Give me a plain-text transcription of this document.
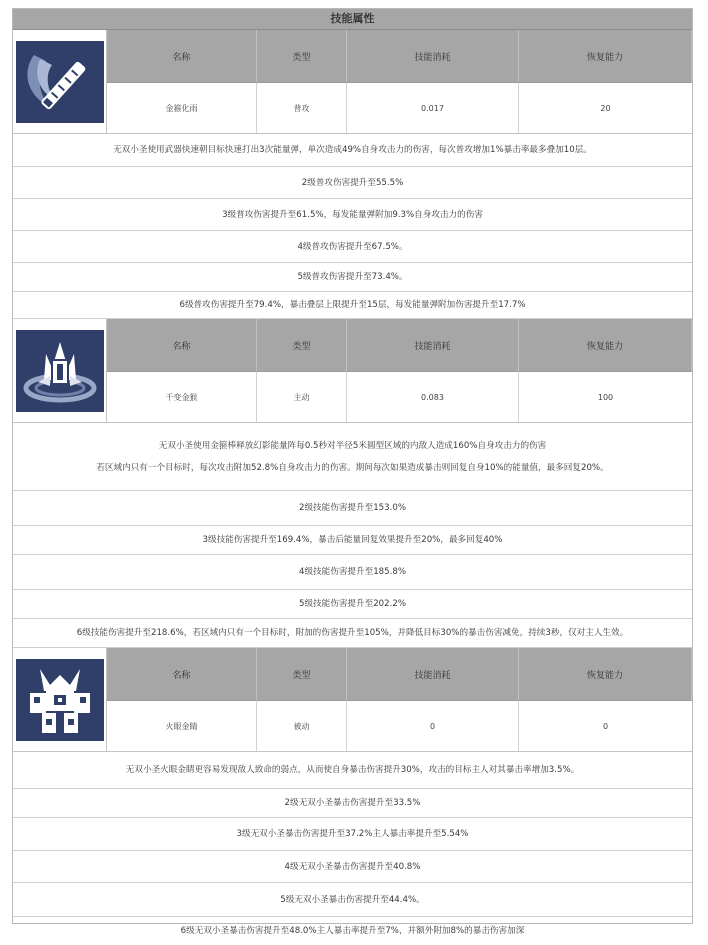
技能属性
名称	类型	技能消耗	恢复能力
金箍化雨	普攻	0.017	20
无双小圣使用武器快速朝目标快速打出3次能量弹，单次造成49%自身攻击力的伤害，每次普攻增加1%暴击率最多叠加10层。
2级普攻伤害提升至55.5%
3级普攻伤害提升至61.5%，每发能量弹附加9.3%自身攻击力的伤害
4级普攻伤害提升至67.5%。
5级普攻伤害提升至73.4%。
6级普攻伤害提升至79.4%，暴击叠层上限提升至15层，每发能量弹附加伤害提升至17.7%
名称	类型	技能消耗	恢复能力
千变金猴	主动	0.083	100
无双小圣使用金箍棒释放幻影能量阵每0.5秒对半径5米圆型区域的内敌人造成160%自身攻击力的伤害
若区域内只有一个目标时，每次攻击附加52.8%自身攻击力的伤害。期间每次如果造成暴击则回复自身10%的能量值，最多回复20%。
2级技能伤害提升至153.0%
3级技能伤害提升至169.4%，暴击后能量回复效果提升至20%，最多回复40%
4级技能伤害提升至185.8%
5级技能伤害提升至202.2%
6级技能伤害提升至218.6%，若区域内只有一个目标时，附加的伤害提升至105%，并降低目标30%的暴击伤害减免，持续3秒，仅对主人生效。
名称	类型	技能消耗	恢复能力
火眼金睛	被动	0	0
无双小圣火眼金睛更容易发现敌人致命的弱点，从而使自身暴击伤害提升30%，攻击的目标主人对其暴击率增加3.5%。
2级无双小圣暴击伤害提升至33.5%
3级无双小圣暴击伤害提升至37.2%主人暴击率提升至5.54%
4级无双小圣暴击伤害提升至40.8%
5级无双小圣暴击伤害提升至44.4%。
6级无双小圣暴击伤害提升至48.0%主人暴击率提升至7%，并额外附加8%的暴击伤害加深
